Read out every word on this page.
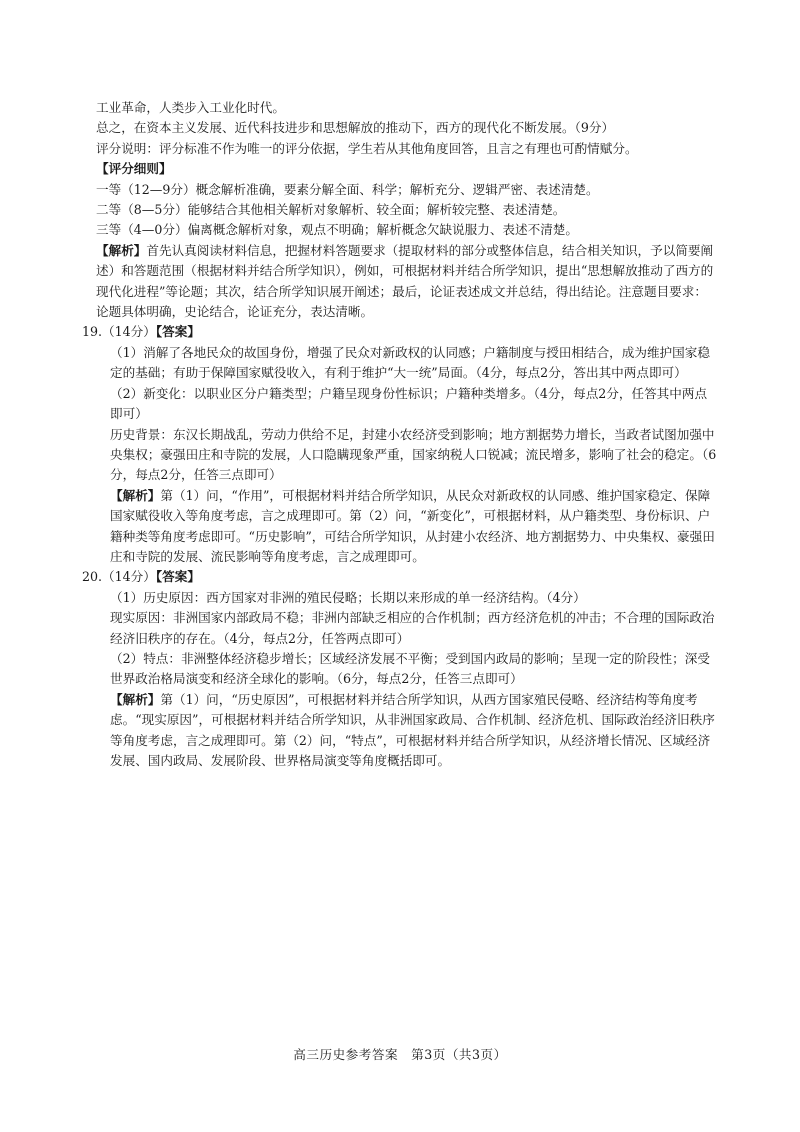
工业革命，人类步入工业化时代。

总之，在资本主义发展、近代科技进步和思想解放的推动下，西方的现代化不断发展。（9分）

评分说明：评分标准不作为唯一的评分依据，学生若从其他角度回答，且言之有理也可酌情赋分。

【评分细则】

一等（12—9分）概念解析准确，要素分解全面、科学；解析充分、逻辑严密、表述清楚。

二等（8—5分）能够结合其他相关解析对象解析、较全面；解析较完整、表述清楚。

三等（4—0分）偏离概念解析对象，观点不明确；解析概念欠缺说服力、表述不清楚。

【解析】首先认真阅读材料信息，把握材料答题要求（提取材料的部分或整体信息，结合相关知识，予以简要阐述）和答题范围（根据材料并结合所学知识），例如，可根据材料并结合所学知识，提出“思想解放推动了西方的现代化进程”等论题；其次，结合所学知识展开阐述；最后，论证表述成文并总结，得出结论。注意题目要求：论题具体明确，史论结合，论证充分，表达清晰。

19.（14分）【答案】

（1）消解了各地民众的故国身份，增强了民众对新政权的认同感；户籍制度与授田相结合，成为维护国家稳定的基础；有助于保障国家赋役收入，有利于维护“大一统”局面。（4分，每点2分，答出其中两点即可）

（2）新变化：以职业区分户籍类型；户籍呈现身份性标识；户籍种类增多。（4分，每点2分，任答其中两点即可）

历史背景：东汉长期战乱，劳动力供给不足，封建小农经济受到影响；地方割据势力增长，当政者试图加强中央集权；豪强田庄和寺院的发展，人口隐瞒现象严重，国家纳税人口锐减；流民增多，影响了社会的稳定。（6分，每点2分，任答三点即可）

【解析】第（1）问，“作用”，可根据材料并结合所学知识，从民众对新政权的认同感、维护国家稳定、保障国家赋役收入等角度考虑，言之成理即可。第（2）问，“新变化”，可根据材料，从户籍类型、身份标识、户籍种类等角度考虑即可。“历史影响”，可结合所学知识，从封建小农经济、地方割据势力、中央集权、豪强田庄和寺院的发展、流民影响等角度考虑，言之成理即可。

20.（14分）【答案】

（1）历史原因：西方国家对非洲的殖民侵略；长期以来形成的单一经济结构。（4分）

现实原因：非洲国家内部政局不稳；非洲内部缺乏相应的合作机制；西方经济危机的冲击；不合理的国际政治经济旧秩序的存在。（4分，每点2分，任答两点即可）

（2）特点：非洲整体经济稳步增长；区域经济发展不平衡；受到国内政局的影响；呈现一定的阶段性；深受世界政治格局演变和经济全球化的影响。（6分，每点2分，任答三点即可）

【解析】第（1）问，“历史原因”，可根据材料并结合所学知识，从西方国家殖民侵略、经济结构等角度考虑。“现实原因”，可根据材料并结合所学知识，从非洲国家政局、合作机制、经济危机、国际政治经济旧秩序等角度考虑，言之成理即可。第（2）问，“特点”，可根据材料并结合所学知识，从经济增长情况、区域经济发展、国内政局、发展阶段、世界格局演变等角度概括即可。

高三历史参考答案　第3页（共3页）
